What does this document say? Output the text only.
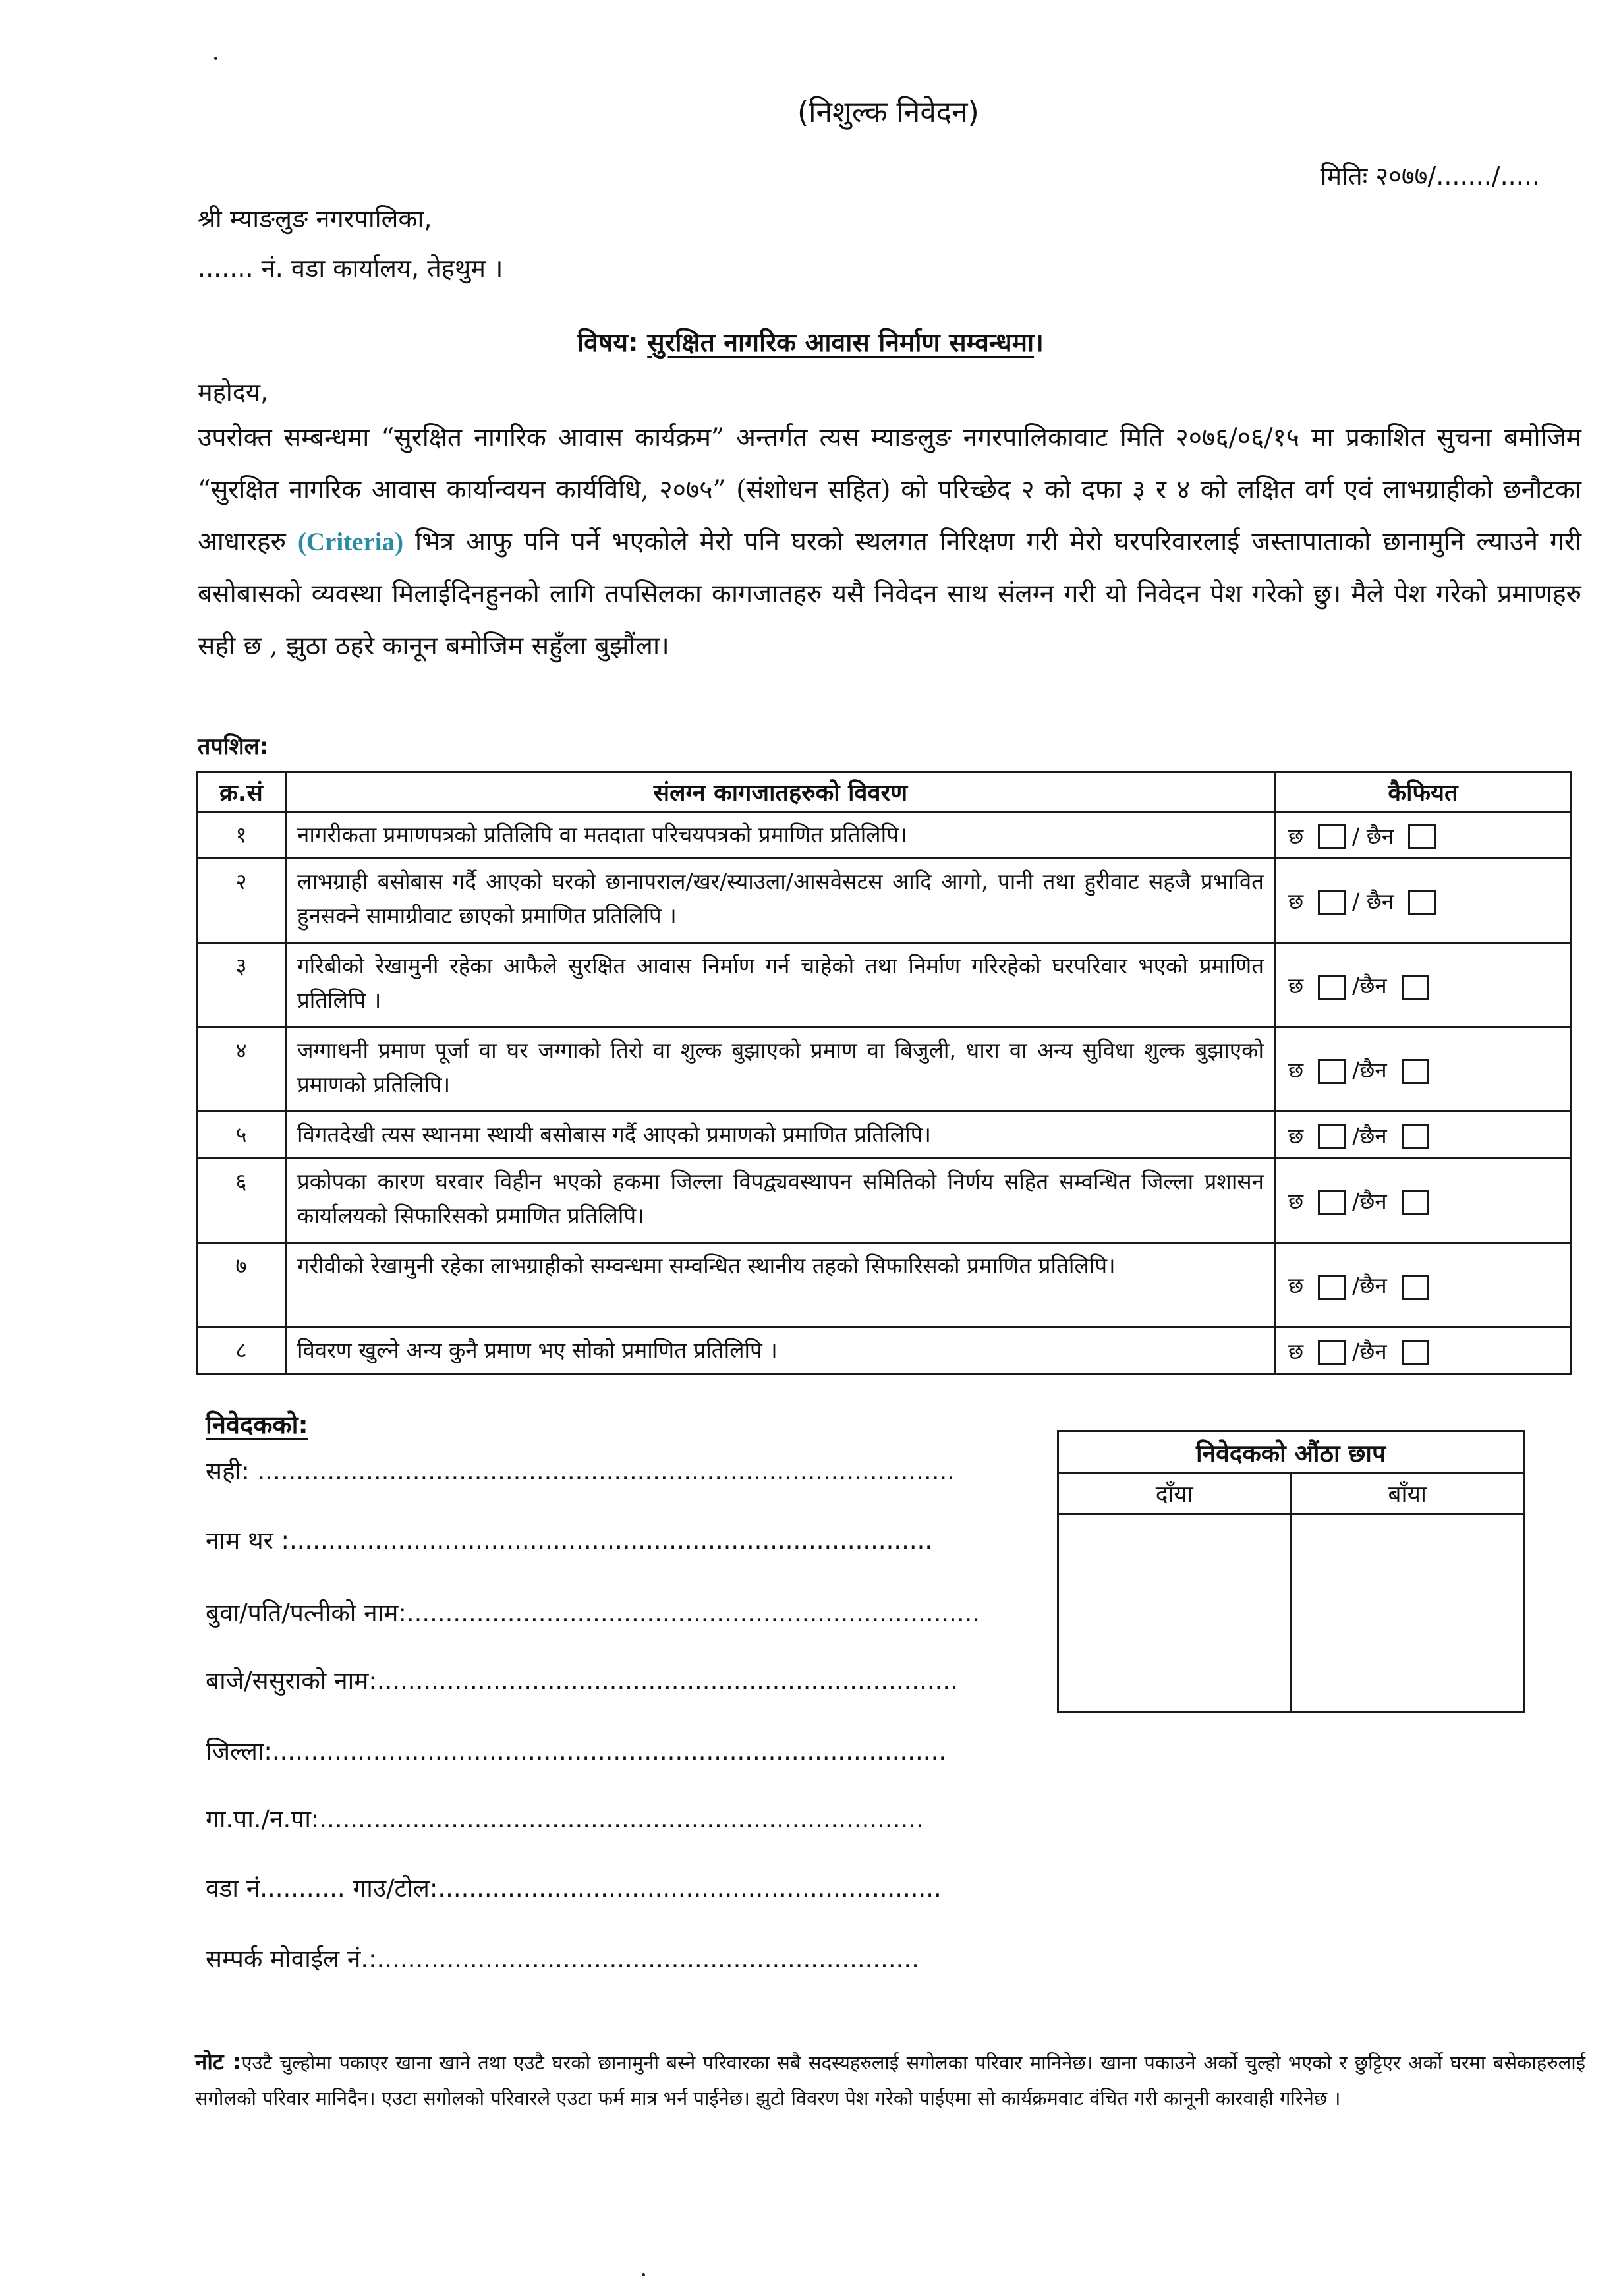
(निशुल्क निवेदन)
मितिः २०७७/......./.....
श्री म्याङलुङ नगरपालिका,
....... नं. वडा कार्यालय, तेहथुम ।
विषय: सुरक्षित नागरिक आवास निर्माण सम्वन्धमा।
महोदय,
उपरोक्त सम्बन्धमा “सुरक्षित नागरिक आवास कार्यक्रम” अन्तर्गत त्यस म्याङलुङ नगरपालिकावाट मिति २०७६/०६/१५ मा प्रकाशित सुचना बमोजिम “सुरक्षित नागरिक आवास कार्यान्वयन कार्यविधि, २०७५” (संशोधन सहित) को परिच्छेद २ को दफा ३ र ४ को लक्षित वर्ग एवं लाभग्राहीको छनौटका आधारहरु (Criteria) भित्र आफु पनि पर्ने भएकोले मेरो पनि घरको स्थलगत निरिक्षण गरी मेरो घरपरिवारलाई जस्तापाताको छानामुनि ल्याउने गरी बसोबासको व्यवस्था मिलाईदिनहुनको लागि तपसिलका कागजातहरु यसै निवेदन साथ संलग्न गरी यो निवेदन पेश गरेको छु। मैले पेश गरेको प्रमाणहरु सही छ , झुठा ठहरे कानून बमोजिम सहुँला बुझौंला।
तपशिल:
क्र.सं	संलग्न कागजातहरुको विवरण	कैफियत
१	नागरीकता प्रमाणपत्रको प्रतिलिपि वा मतदाता परिचयपत्रको प्रमाणित प्रतिलिपि।	छ / छैन
२	लाभग्राही बसोबास गर्दै आएको घरको छानापराल/खर/स्याउला/आसवेसटस आदि आगो, पानी तथा हुरीवाट सहजै प्रभावित हुनसक्ने सामाग्रीवाट छाएको प्रमाणित प्रतिलिपि ।	छ / छैन
३	गरिबीको रेखामुनी रहेका आफैले सुरक्षित आवास निर्माण गर्न चाहेको तथा निर्माण गरिरहेको घरपरिवार भएको प्रमाणित प्रतिलिपि ।	छ /छैन
४	जग्गाधनी प्रमाण पूर्जा वा घर जग्गाको तिरो वा शुल्क बुझाएको प्रमाण वा बिजुली, धारा वा अन्य सुविधा शुल्क बुझाएको प्रमाणको प्रतिलिपि।	छ /छैन
५	विगतदेखी त्यस स्थानमा स्थायी बसोबास गर्दै आएको प्रमाणको प्रमाणित प्रतिलिपि।	छ /छैन
६	प्रकोपका कारण घरवार विहीन भएको हकमा जिल्ला विपद्व्यवस्थापन समितिको निर्णय सहित सम्वन्धित जिल्ला प्रशासन कार्यालयको सिफारिसको प्रमाणित प्रतिलिपि।	छ /छैन
७	गरीवीको रेखामुनी रहेका लाभग्राहीको सम्वन्धमा सम्वन्धित स्थानीय तहको सिफारिसको प्रमाणित प्रतिलिपि।	छ /छैन
८	विवरण खुल्ने अन्य कुनै प्रमाण भए सोको प्रमाणित प्रतिलिपि ।	छ /छैन
निवेदकको:
सही: ..........................................................................................
नाम थर :...................................................................................
बुवा/पति/पत्नीको नाम:..........................................................................
बाजे/ससुराको नाम:...........................................................................
जिल्ला:.......................................................................................
गा.पा./न.पा:..............................................................................
वडा नं........... गाउ/टोल:.................................................................
सम्पर्क मोवाईल नं.:......................................................................
निवेदकको औंठा छाप	
दाँया	बाँया

नोट :एउटै चुल्होमा पकाएर खाना खाने तथा एउटै घरको छानामुनी बस्ने परिवारका सबै सदस्यहरुलाई सगोलका परिवार मानिनेछ। खाना पकाउने अर्को चुल्हो भएको र छुट्टिएर अर्को घरमा बसेकाहरुलाई सगोलको परिवार मानिदैन। एउटा सगोलको परिवारले एउटा फर्म मात्र भर्न पाईनेछ। झुटो विवरण पेश गरेको पाईएमा सो कार्यक्रमवाट वंचित गरी कानूनी कारवाही गरिनेछ ।
